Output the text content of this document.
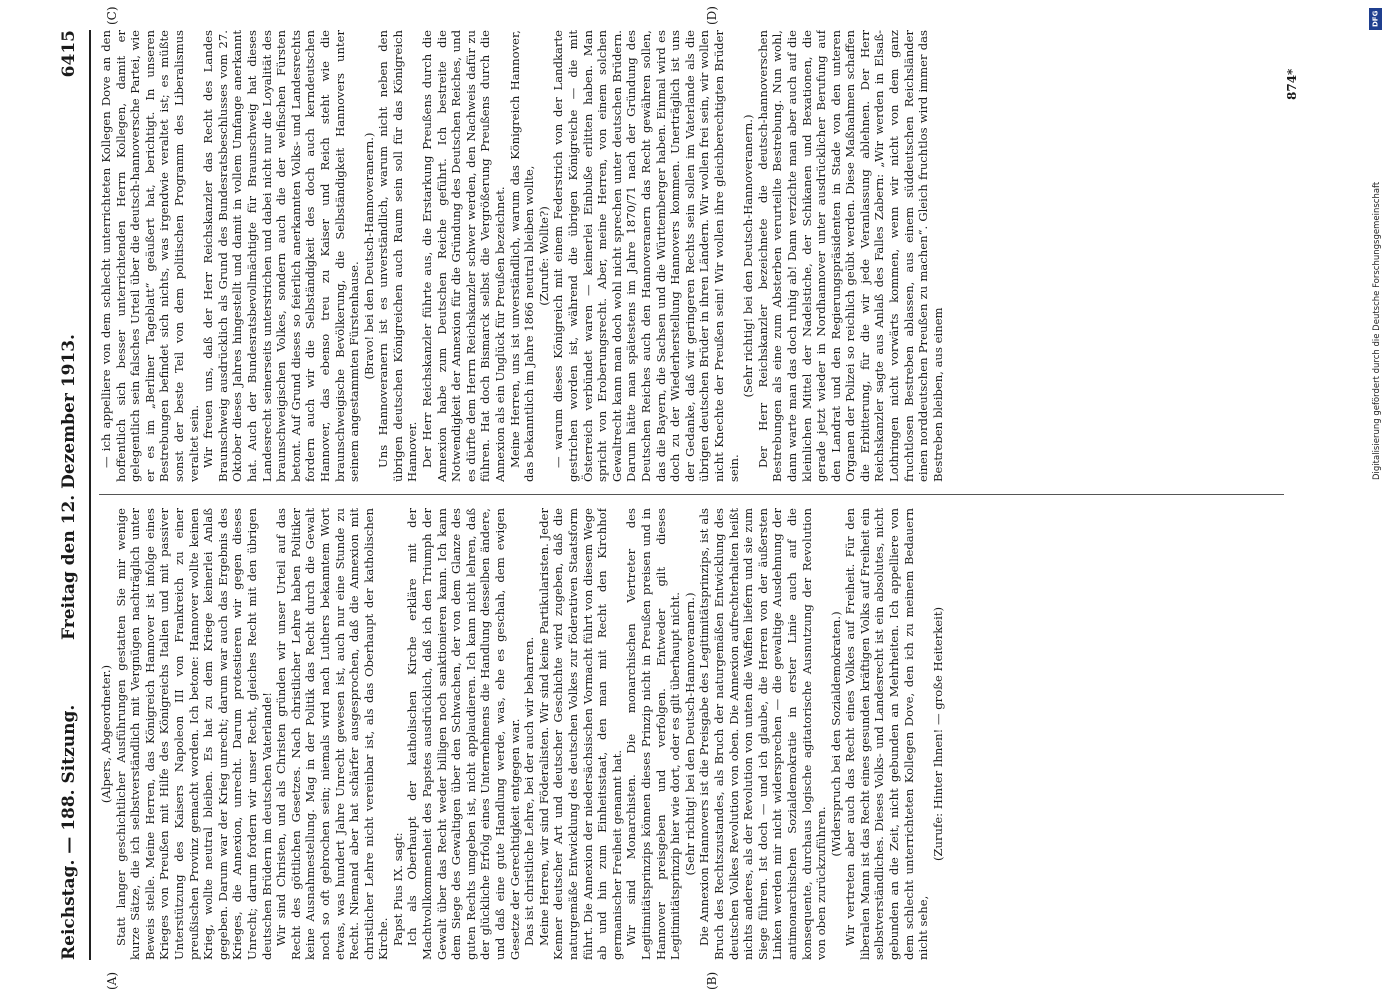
Reichstag. — 188. Sitzung.
Freitag den 12. Dezember 1913.
6415
(A)	(B)
(C)	(D)

(Alpers, Abgeordneter.) Statt langer geschichtlicher Ausführungen gestatten Sie mir wenige kurze Sätze, die ich selbstverständlich mit Vergnügen nachträglich unter Beweis stelle. Meine Herren, das Königreich Hannover ist infolge eines Krieges von Preußen mit Hilfe des Königreichs Italien und mit passiver Unterstützung des Kaisers Napoleon III von Frankreich zu einer preußischen Provinz gemacht worden. Ich betone: Hannover wollte keinen Krieg, wollte neutral bleiben. Es hat zu dem Kriege keinerlei Anlaß gegeben. Darum war der Krieg unrecht; darum war auch das Ergebnis des Krieges, die Annexion, unrecht. Darum protestieren wir gegen dieses Unrecht; darum fordern wir unser Recht, gleiches Recht mit den übrigen deutschen Brüdern im deutschen Vaterlande! Wir sind Christen, und als Christen gründen wir unser Urteil auf das Recht des göttlichen Gesetzes. Nach christlicher Lehre haben Politiker keine Ausnahmestellung. Mag in der Politik das Recht durch die Gewalt noch so oft gebrochen sein; niemals wird nach Luthers bekanntem Wort etwas, was hundert Jahre Unrecht gewesen ist, auch nur eine Stunde zu Recht. Niemand aber hat schärfer ausgesprochen, daß die Annexion mit christlicher Lehre nicht vereinbar ist, als das Oberhaupt der katholischen Kirche. Papst Pius IX. sagt: Ich als Oberhaupt der katholischen Kirche erkläre mit der Machtvollkommenheit des Papstes ausdrücklich, daß ich den Triumph der Gewalt über das Recht weder billigen noch sanktionieren kann. Ich kann dem Siege des Gewaltigen über den Schwachen, der von dem Glanze des guten Rechts umgeben ist, nicht applaudieren. Ich kann nicht lehren, daß der glückliche Erfolg eines Unternehmens die Handlung desselben ändere, und daß eine gute Handlung werde, was, ehe es geschah, dem ewigen Gesetze der Gerechtigkeit entgegen war. Das ist christliche Lehre, bei der auch wir beharren. Meine Herren, wir sind Föderalisten. Wir sind keine Partikularisten. Jeder Kenner deutscher Art und deutscher Geschichte wird zugeben, daß die naturgemäße Entwicklung des deutschen Volkes zur föderativen Staatsform führt. Die Annexion der niedersächsischen Vormacht führt von diesem Wege ab und hin zum Einheitsstaat, den man mit Recht den Kirchhof germanischer Freiheit genannt hat. Wir sind Monarchisten. Die monarchischen Vertreter des Legitimitätsprinzips können dieses Prinzip nicht in Preußen preisen und in Hannover preisgeben und verfolgen. Entweder gilt dieses Legitimitätsprinzip hier wie dort, oder es gilt überhaupt nicht. (Sehr richtig! bei den Deutsch-Hannoveranern.) Die Annexion Hannovers ist die Preisgabe des Legitimitätsprinzips, ist als Bruch des Rechtszustandes, als Bruch der naturgemäßen Entwicklung des deutschen Volkes Revolution von oben. Die Annexion aufrechterhalten heißt nichts anderes, als der Revolution von unten die Waffen liefern und sie zum Siege führen. Ist doch — und ich glaube, die Herren von der äußersten Linken werden mir nicht widersprechen — die gewaltige Ausdehnung der antimonarchischen Sozialdemokratie in erster Linie auch auf die konsequente, durchaus logische agitatorische Ausnutzung der Revolution von oben zurückzuführen.

(Widerspruch bei den Sozialdemokraten.) Wir vertreten aber auch das Recht eines Volkes auf Freiheit. Für den liberalen Mann ist das Recht eines gesunden kräftigen Volks auf Freiheit ein selbstverständliches. Dieses Volks- und Landesrecht ist ein absolutes, nicht gebunden an die Zeit, nicht gebunden an Mehrheiten. Ich appelliere von dem schlecht unterrichteten Kollegen Dove, den ich zu meinem Bedauern nicht sehe,

(Zurufe: Hinter Ihnen! — große Heiterkeit)

— ich appelliere von dem schlecht unterrichteten Kollegen Dove an den hoffentlich sich besser unterrichtenden Herrn Kollegen, damit er gelegentlich sein falsches Urteil über die deutsch-hannoversche Partei, wie er es im „Berliner Tageblatt“ geäußert hat, berichtigt. In unseren Bestrebungen befindet sich nichts, was irgendwie veraltet ist; es müßte sonst der beste Teil von dem politischen Programm des Liberalismus veraltet sein. Wir freuen uns, daß der Herr Reichskanzler das Recht des Landes Braunschweig ausdrücklich als Grund des Bundesratsbeschlusses vom 27. Oktober dieses Jahres hingestellt und damit in vollem Umfange anerkannt hat. Auch der Bundesratsbevollmächtigte für Braunschweig hat dieses Landesrecht seinerseits unterstrichen und dabei nicht nur die Loyalität des braunschweigischen Volkes, sondern auch die der welfischen Fürsten betont. Auf Grund dieses so feierlich anerkannten Volks- und Landesrechts fordern auch wir die Selbständigkeit des doch auch kerndeutschen Hannover, das ebenso treu zu Kaiser und Reich steht wie die braunschweigische Bevölkerung, die Selbständigkeit Hannovers unter seinem angestammten Fürstenhause. (Bravo! bei den Deutsch-Hannoveranern.) Uns Hannoveranern ist es unverständlich, warum nicht neben den übrigen deutschen Königreichen auch Raum sein soll für das Königreich Hannover. Der Herr Reichskanzler führte aus, die Erstarkung Preußens durch die Annexion habe zum Deutschen Reiche geführt. Ich bestreite die Notwendigkeit der Annexion für die Gründung des Deutschen Reiches, und es dürfte dem Herrn Reichskanzler schwer werden, den Nachweis dafür zu führen. Hat doch Bismarck selbst die Vergrößerung Preußens durch die Annexion als ein Unglück für Preußen bezeichnet. Meine Herren, uns ist unverständlich, warum das Königreich Hannover, das bekanntlich im Jahre 1866 neutral bleiben wollte, (Zurufe: Wollte?) — warum dieses Königreich mit einem Federstrich von der Landkarte gestrichen worden ist, während die übrigen Königreiche — die mit Österreich verbündet waren — keinerlei Einbuße erlitten haben. Man spricht von Eroberungsrecht. Aber, meine Herren, von einem solchen Gewaltrecht kann man doch wohl nicht sprechen unter deutschen Brüdern. Darum hätte man spätestens im Jahre 1870/71 nach der Gründung des Deutschen Reiches auch den Hannoveranern das Recht gewähren sollen, das die Bayern, die Sachsen und die Württemberger haben. Einmal wird es doch zu der Wiederherstellung Hannovers kommen. Unerträglich ist uns der Gedanke, daß wir geringeren Rechts sein sollen im Vaterlande als die übrigen deutschen Brüder in ihren Ländern. Wir wollen frei sein, wir wollen nicht Knechte der Preußen sein! Wir wollen ihre gleichberechtigten Brüder sein.

(Sehr richtig! bei den Deutsch-Hannoveranern.) Der Herr Reichskanzler bezeichnete die deutsch-hannoverschen Bestrebungen als eine zum Absterben verurteilte Bestrebung. Nun wohl, dann warte man das doch ruhig ab! Dann verzichte man aber auch auf die kleinlichen Mittel der Nadelstiche, der Schikanen und Bexationen, die gerade jetzt wieder in Nordhannover unter ausdrücklicher Berufung auf den Landrat und den Regierungspräsidenten in Stade von den unteren Organen der Polizei so reichlich geübt werden. Diese Maßnahmen schaffen die Erbitterung, für die wir jede Veranlassung ablehnen. Der Herr Reichskanzler sagte aus Anlaß des Falles Zabern: „Wir werden in Elsaß-Lothringen nicht vorwärts kommen, wenn wir nicht von dem ganz fruchtlosen Bestreben ablassen, aus einem süddeutschen Reichsländer einen norddeutschen Preußen zu machen“. Gleich fruchtlos wird immer das Bestreben bleiben, aus einem

874*
Digitalisierung gefördert durch die Deutsche Forschungsgemeinschaft
DFG
